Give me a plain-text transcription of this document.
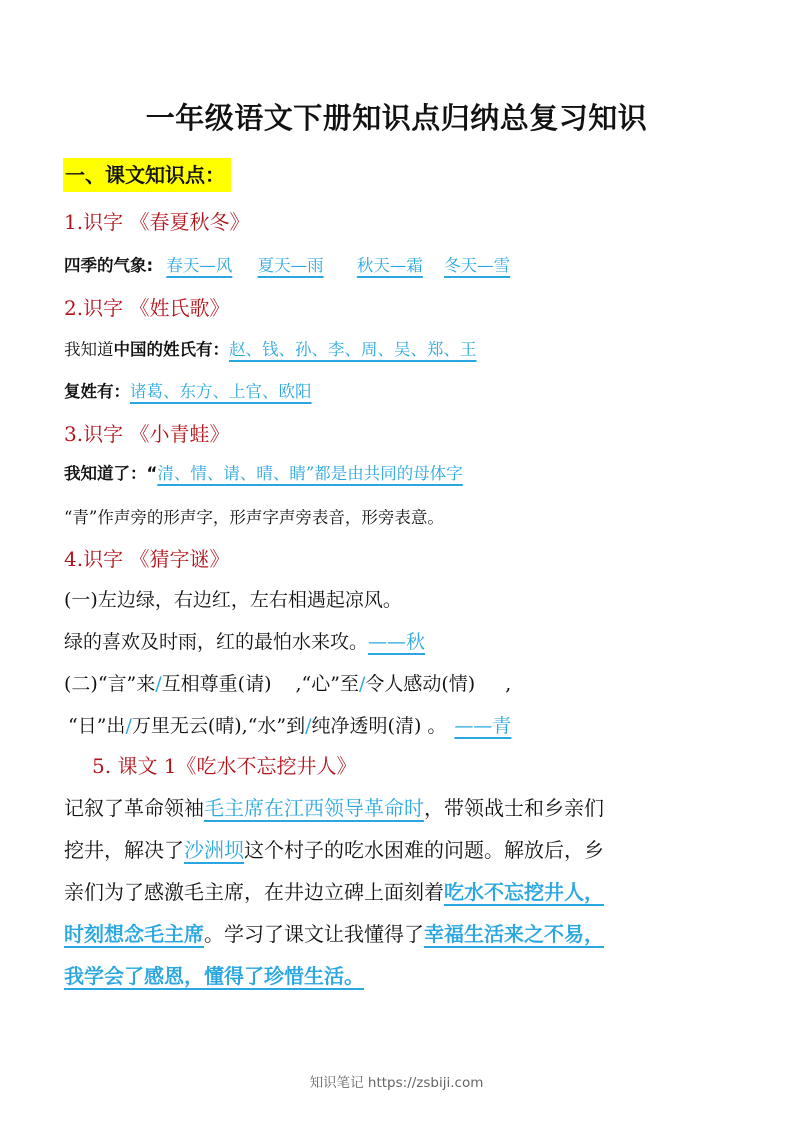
一年级语文下册知识点归纳总复习知识
一、课文知识点：
1.识字 《春夏秋冬》
四季的气象: 春天—风 夏天—雨 秋天—霜 冬天—雪
2.识字 《姓氏歌》
我知道中国的姓氏有：赵、钱、孙、李、周、吴、郑、王
复姓有：诸葛、东方、上官、欧阳
3.识字 《小青蛙》
我知道了：“清、情、请、晴、睛”都是由共同的母体字
“青”作声旁的形声字，形声字声旁表音，形旁表意。
4.识字 《猜字谜》
(一)左边绿，右边红，左右相遇起凉风。
绿的喜欢及时雨，红的最怕水来攻。——秋
(二)“言”来/互相尊重(请) ,“心”至/令人感动(情) ,
“日”出/万里无云(晴),“水”到/纯净透明(清) 。 ——青
5. 课文 1《吃水不忘挖井人》
记叙了革命领袖毛主席在江西领导革命时，带领战士和乡亲们
挖井，解决了沙洲坝这个村子的吃水困难的问题。解放后，乡
亲们为了感激毛主席，在井边立碑上面刻着吃水不忘挖井人，
时刻想念毛主席。学习了课文让我懂得了幸福生活来之不易，
我学会了感恩，懂得了珍惜生活。
知识笔记 https://zsbiji.com
